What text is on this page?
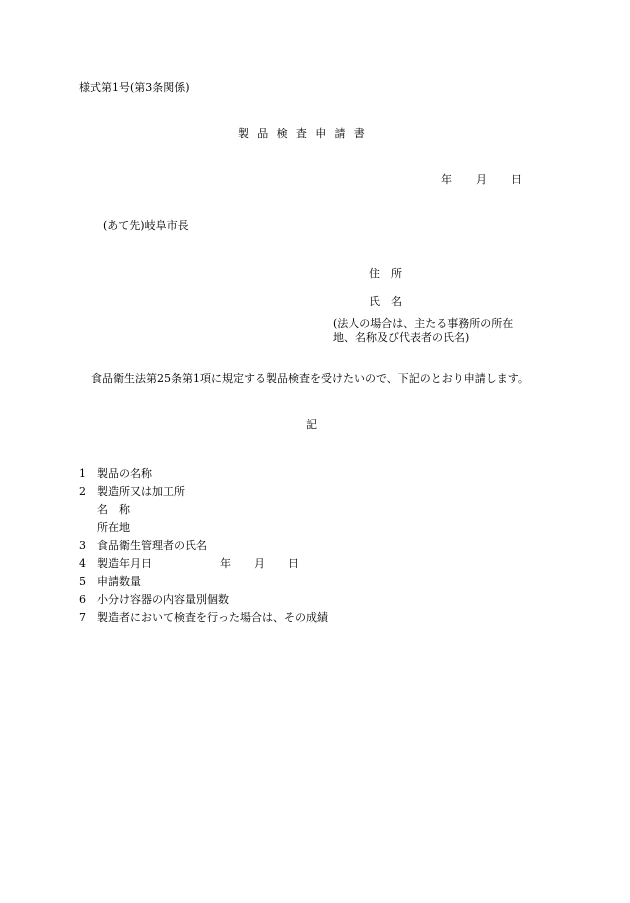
様式第1号(第3条関係)
製品検査申請書
年 月 日
(あて先)岐阜市長
住　所
氏　名
(法人の場合は、主たる事務所の所在
地、名称及び代表者の氏名)
食品衛生法第25条第1項に規定する製品検査を受けたいので、下記のとおり申請します。
記
1	製品の名称
2	製造所又は加工所
名　称
所在地
3	食品衛生管理者の氏名
4	製造年月日	年 月 日
5	申請数量
6	小分け容器の内容量別個数
7	製造者において検査を行った場合は、その成績
